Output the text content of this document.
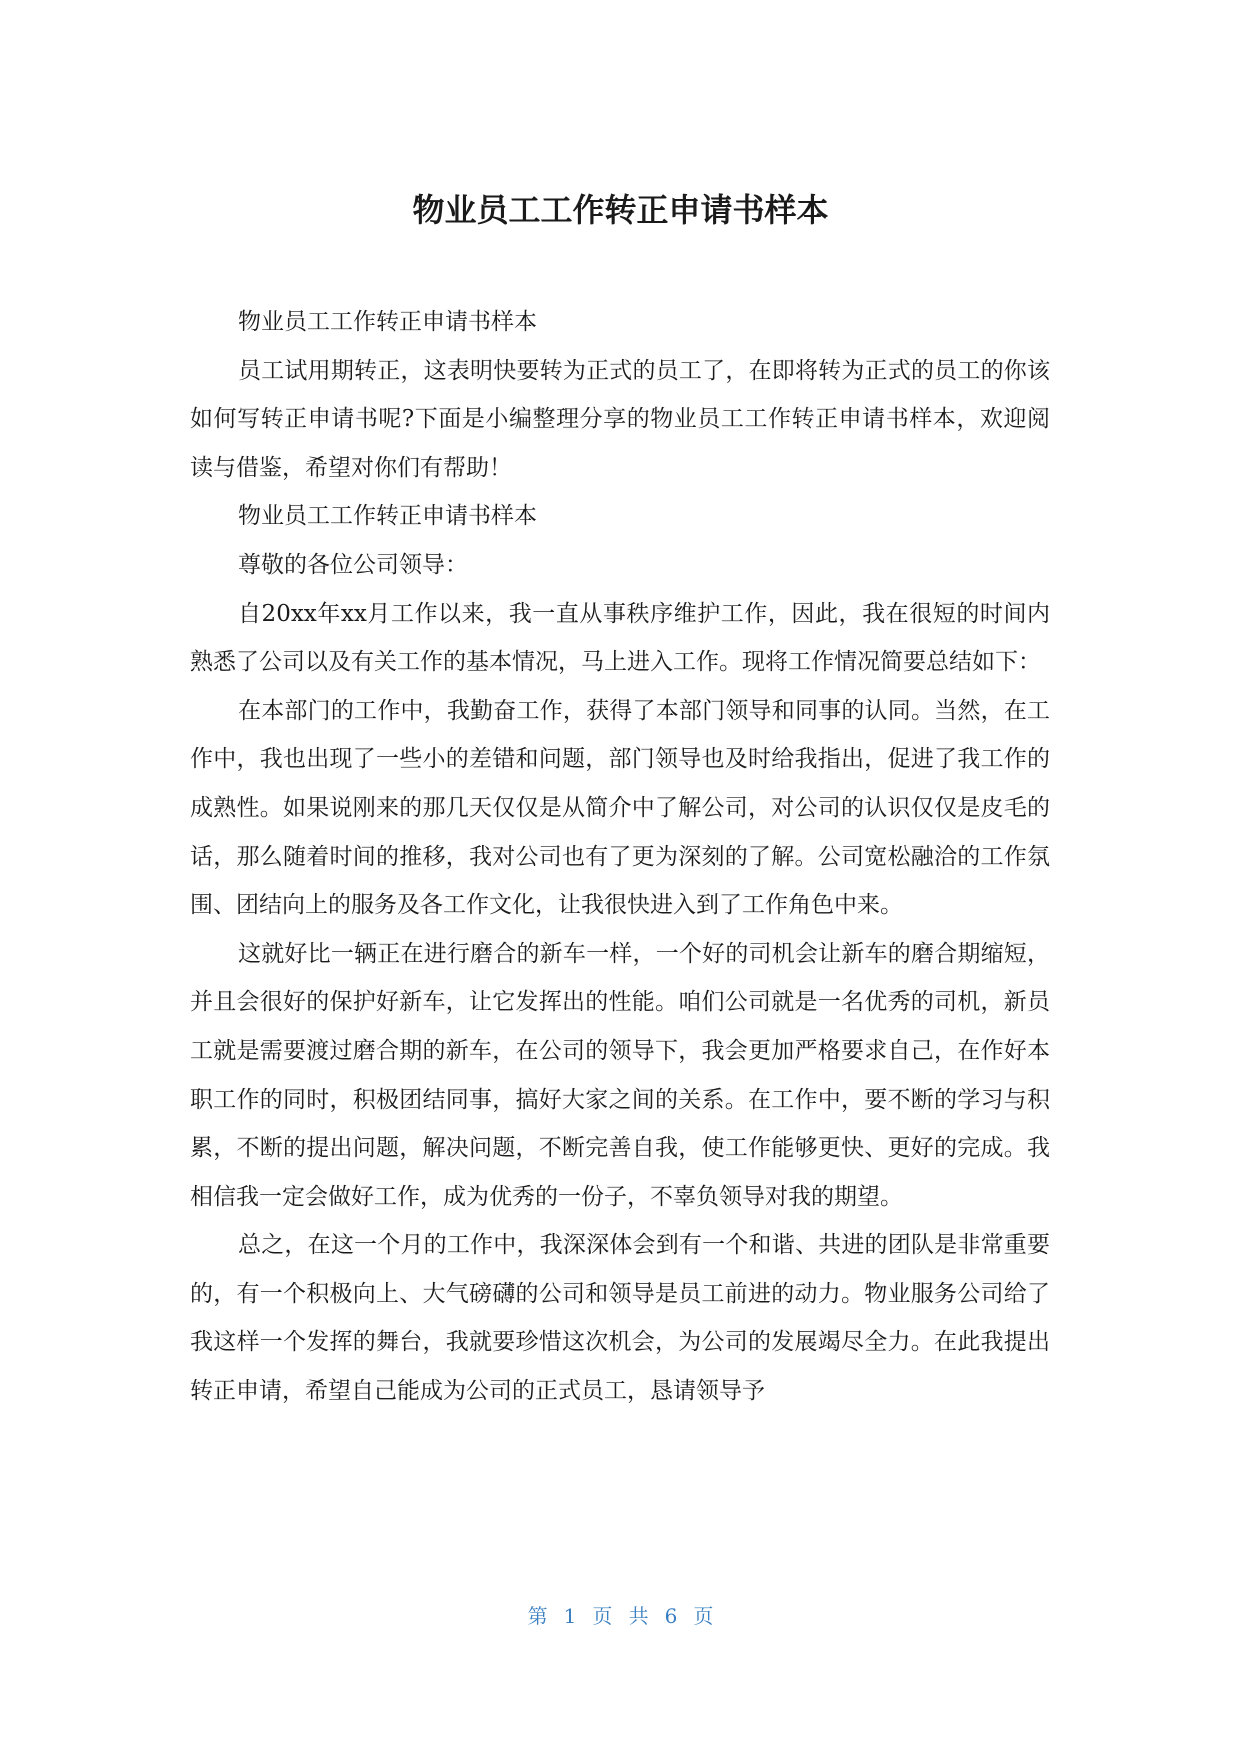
物业员工工作转正申请书样本

物业员工工作转正申请书样本

员工试用期转正，这表明快要转为正式的员工了，在即将转为正式的员工的你该如何写转正申请书呢?下面是小编整理分享的物业员工工作转正申请书样本，欢迎阅读与借鉴，希望对你们有帮助！

物业员工工作转正申请书样本

尊敬的各位公司领导：

自20xx年xx月工作以来，我一直从事秩序维护工作，因此，我在很短的时间内熟悉了公司以及有关工作的基本情况，马上进入工作。现将工作情况简要总结如下：

在本部门的工作中，我勤奋工作，获得了本部门领导和同事的认同。当然，在工作中，我也出现了一些小的差错和问题，部门领导也及时给我指出，促进了我工作的成熟性。如果说刚来的那几天仅仅是从简介中了解公司，对公司的认识仅仅是皮毛的话，那么随着时间的推移，我对公司也有了更为深刻的了解。公司宽松融洽的工作氛围、团结向上的服务及各工作文化，让我很快进入到了工作角色中来。

这就好比一辆正在进行磨合的新车一样，一个好的司机会让新车的磨合期缩短，并且会很好的保护好新车，让它发挥出的性能。咱们公司就是一名优秀的司机，新员工就是需要渡过磨合期的新车，在公司的领导下，我会更加严格要求自己，在作好本职工作的同时，积极团结同事，搞好大家之间的关系。在工作中，要不断的学习与积累，不断的提出问题，解决问题，不断完善自我，使工作能够更快、更好的完成。我相信我一定会做好工作，成为优秀的一份子，不辜负领导对我的期望。

总之，在这一个月的工作中，我深深体会到有一个和谐、共进的团队是非常重要的，有一个积极向上、大气磅礴的公司和领导是员工前进的动力。物业服务公司给了我这样一个发挥的舞台，我就要珍惜这次机会，为公司的发展竭尽全力。在此我提出转正申请，希望自己能成为公司的正式员工，恳请领导予

第 1 页 共 6 页
